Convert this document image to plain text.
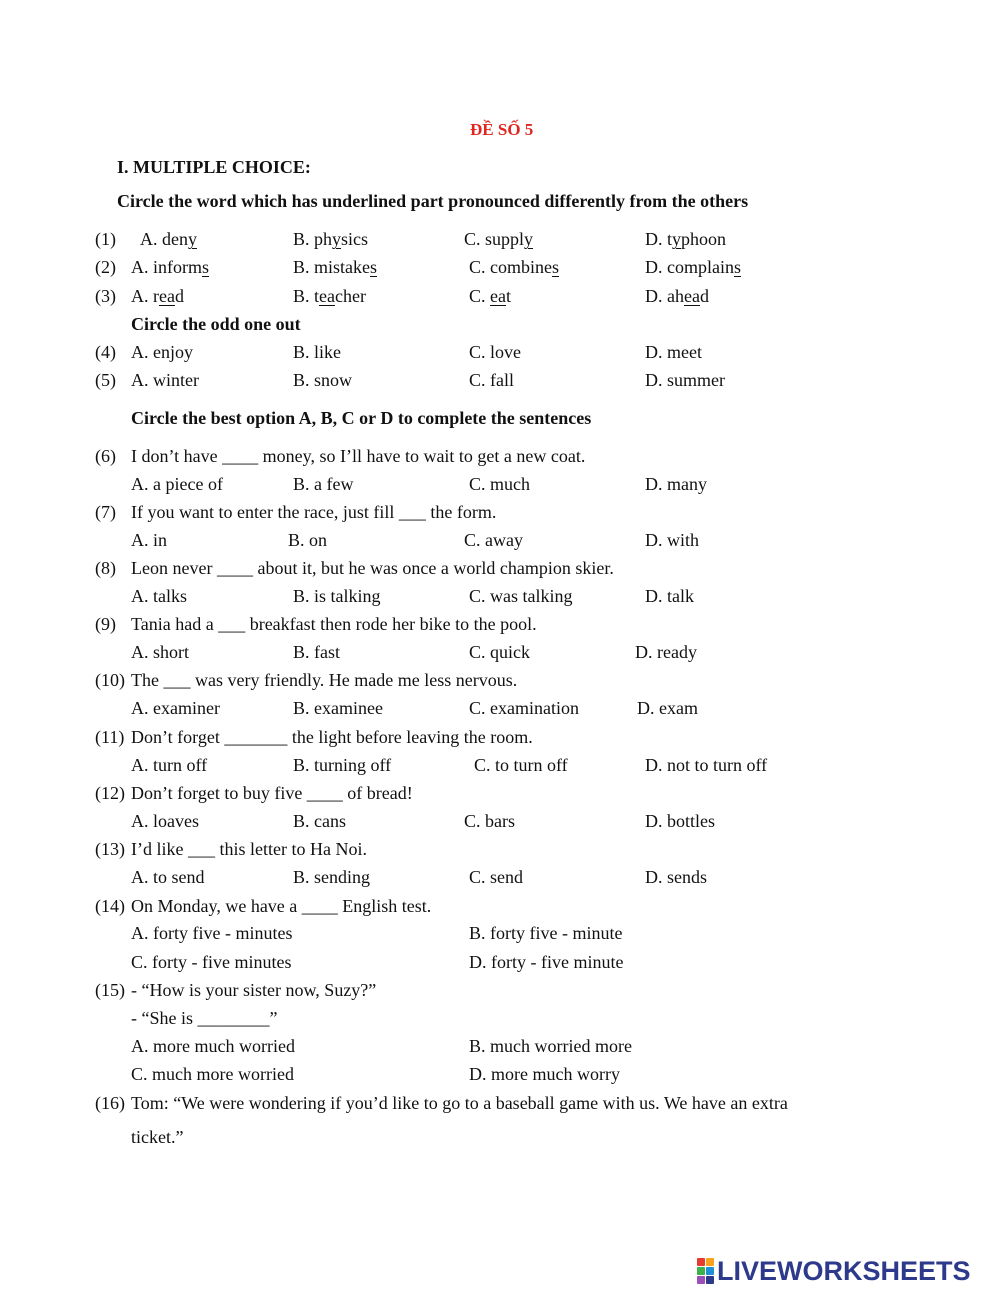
ĐỀ SỐ 5
I. MULTIPLE CHOICE:
Circle the word which has underlined part pronounced differently from the others
(1) A. deny	B. physics	C. supply	D. typhoon
(2) A. informs	B. mistakes	C. combines	D. complains
(3) A. read	B. teacher	C. eat	D. ahead
Circle the odd one out
(4) A. enjoy	B. like	C. love	D. meet
(5) A. winter	B. snow	C. fall	D. summer
Circle the best option A, B, C or D to complete the sentences
(6) I don’t have ____ money, so I’ll have to wait to get a new coat.
A. a piece of	B. a few	C. much	D. many
(7) If you want to enter the race, just fill ___ the form.
A. in	B. on	C. away	D. with
(8) Leon never ____ about it, but he was once a world champion skier.
A. talks	B. is talking	C. was talking	D. talk
(9) Tania had a ___ breakfast then rode her bike to the pool.
A. short	B. fast	C. quick	D. ready
(10) The ___ was very friendly. He made me less nervous.
A. examiner	B. examinee	C. examination	D. exam
(11) Don’t forget _______ the light before leaving the room.
A. turn off	B. turning off	C. to turn off	D. not to turn off
(12) Don’t forget to buy five ____ of bread!
A. loaves	B. cans	C. bars	D. bottles
(13) I’d like ___ this letter to Ha Noi.
A. to send	B. sending	C. send	D. sends
(14) On Monday, we have a ____ English test.
A. forty five - minutes	B. forty five - minute
C. forty - five minutes	D. forty - five minute
(15) - “How is your sister now, Suzy?”
- “She is ________”
A. more much worried	B. much worried more
C. much more worried	D. more much worry
(16) Tom: “We were wondering if you’d like to go to a baseball game with us. We have an extra
ticket.”
LIVEWORKSHEETS
